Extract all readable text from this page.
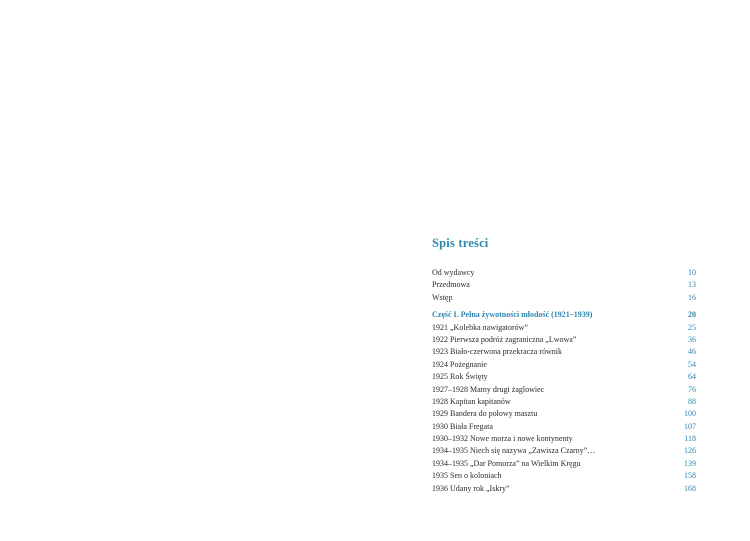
Spis treści
Od wydawcy	10
Przedmowa	13
Wstęp	16
Część I. Pełna żywotności młodość (1921–1939)	20
1921 „Kolebka nawigatorów”	25
1922 Pierwsza podróż zagraniczna „Lwowa”	36
1923 Biało-czerwona przekracza równik	46
1924 Pożegnanie	54
1925 Rok Święty	64
1927–1928 Mamy drugi żaglowiec	76
1928 Kapitan kapitanów	88
1929 Bandera do połowy masztu	100
1930 Biała Fregata	107
1930–1932 Nowe morza i nowe kontynenty	118
1934–1935 Niech się nazywa „Zawisza Czarny”…	126
1934–1935 „Dar Pomorza” na Wielkim Kręgu	139
1935 Sen o koloniach	158
1936 Udany rok „Iskry”	168
